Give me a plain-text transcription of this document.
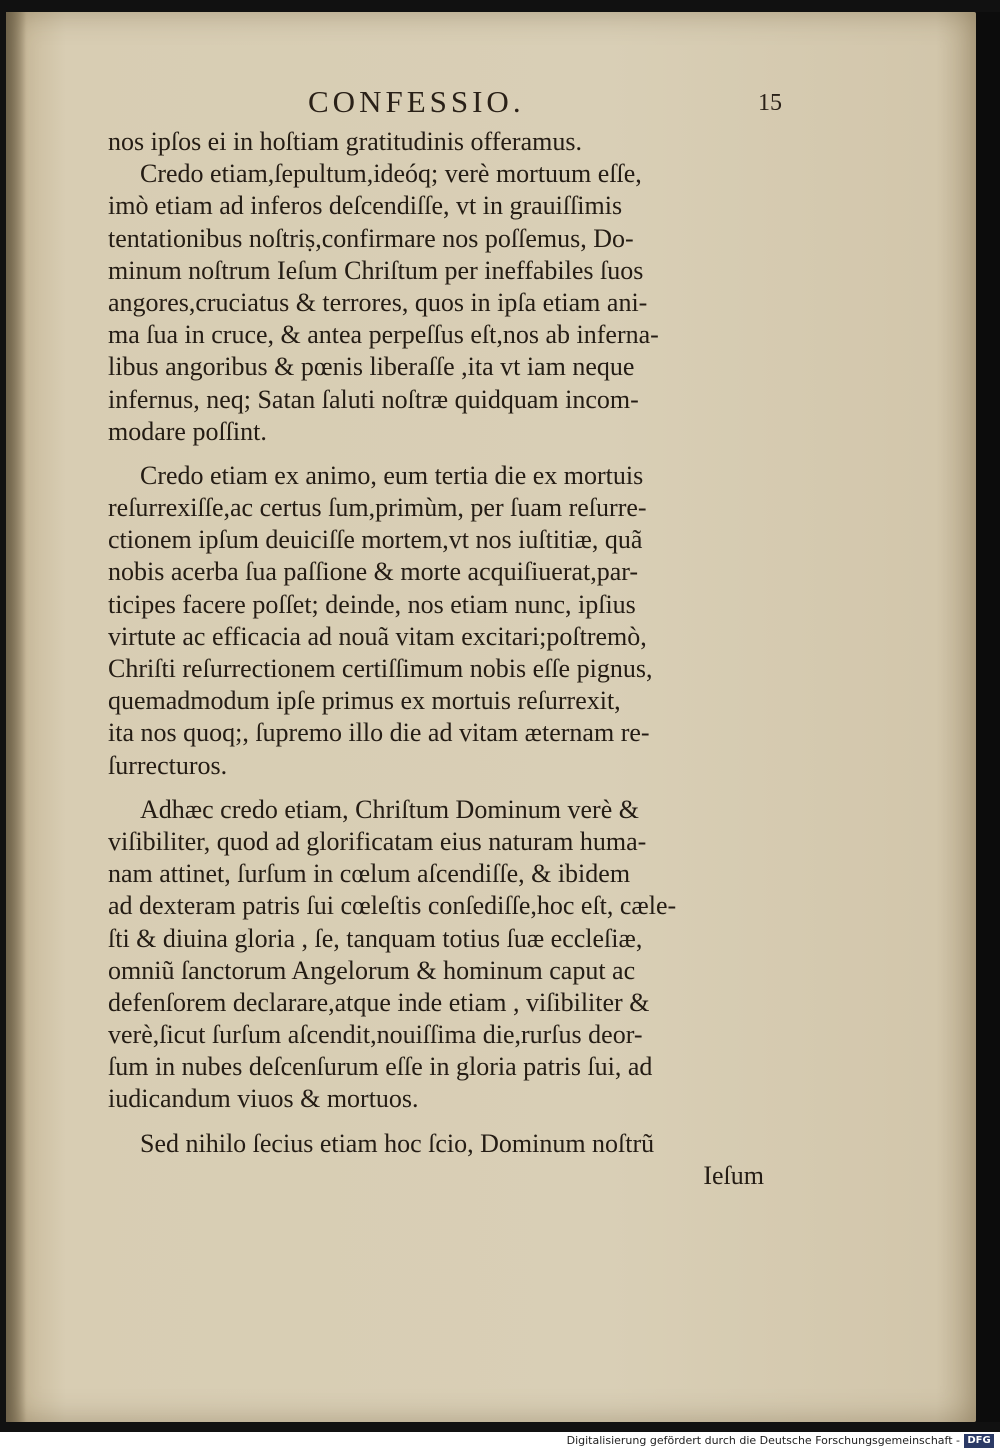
CONFESSIO.	15
nos ipſos ei in hoſtiam gratitudinis offeramus.
Credo etiam,ſepultum,ideóq; verè mortuum eſſe,
imò etiam ad inferos deſcendiſſe, vt in grauiſſimis
tentationibus noſtriṣ,confirmare nos poſſemus, Do-
minum noſtrum Ieſum Chriſtum per ineffabiles ſuos
angores,cruciatus & terrores, quos in ipſa etiam ani-
ma ſua in cruce, & antea perpeſſus eſt,nos ab inferna-
libus angoribus & pœnis liberaſſe ,ita vt iam neque
infernus, neq; Satan ſaluti noſtræ quidquam incom-
modare poſſint.
Credo etiam ex animo, eum tertia die ex mortuis
reſurrexiſſe,ac certus ſum,primùm, per ſuam reſurre-
ctionem ipſum deuiciſſe mortem,vt nos iuſtitiæ, quã
nobis acerba ſua paſſione & morte acquiſiuerat,par-
ticipes facere poſſet; deinde, nos etiam nunc, ipſius
virtute ac efficacia ad nouã vitam excitari;poſtremò,
Chriſti reſurrectionem certiſſimum nobis eſſe pignus,
quemadmodum ipſe primus ex mortuis reſurrexit,
ita nos quoq;, ſupremo illo die ad vitam æternam re-
ſurrecturos.
Adhæc credo etiam, Chriſtum Dominum verè &
viſibiliter, quod ad glorificatam eius naturam huma-
nam attinet, ſurſum in cœlum aſcendiſſe, & ibidem
ad dexteram patris ſui cœleſtis conſediſſe,hoc eſt, cæle-
ſti & diuina gloria , ſe, tanquam totius ſuæ eccleſiæ,
omniũ ſanctorum Angelorum & hominum caput ac
defenſorem declarare,atque inde etiam , viſibiliter &
verè,ſicut ſurſum aſcendit,nouiſſima die,rurſus deor-
ſum in nubes deſcenſurum eſſe in gloria patris ſui, ad
iudicandum viuos & mortuos.
Sed nihilo ſecius etiam hoc ſcio, Dominum noſtrũ
Ieſum
Digitalisierung gefördert durch die Deutsche Forschungsgemeinschaft - DFG
